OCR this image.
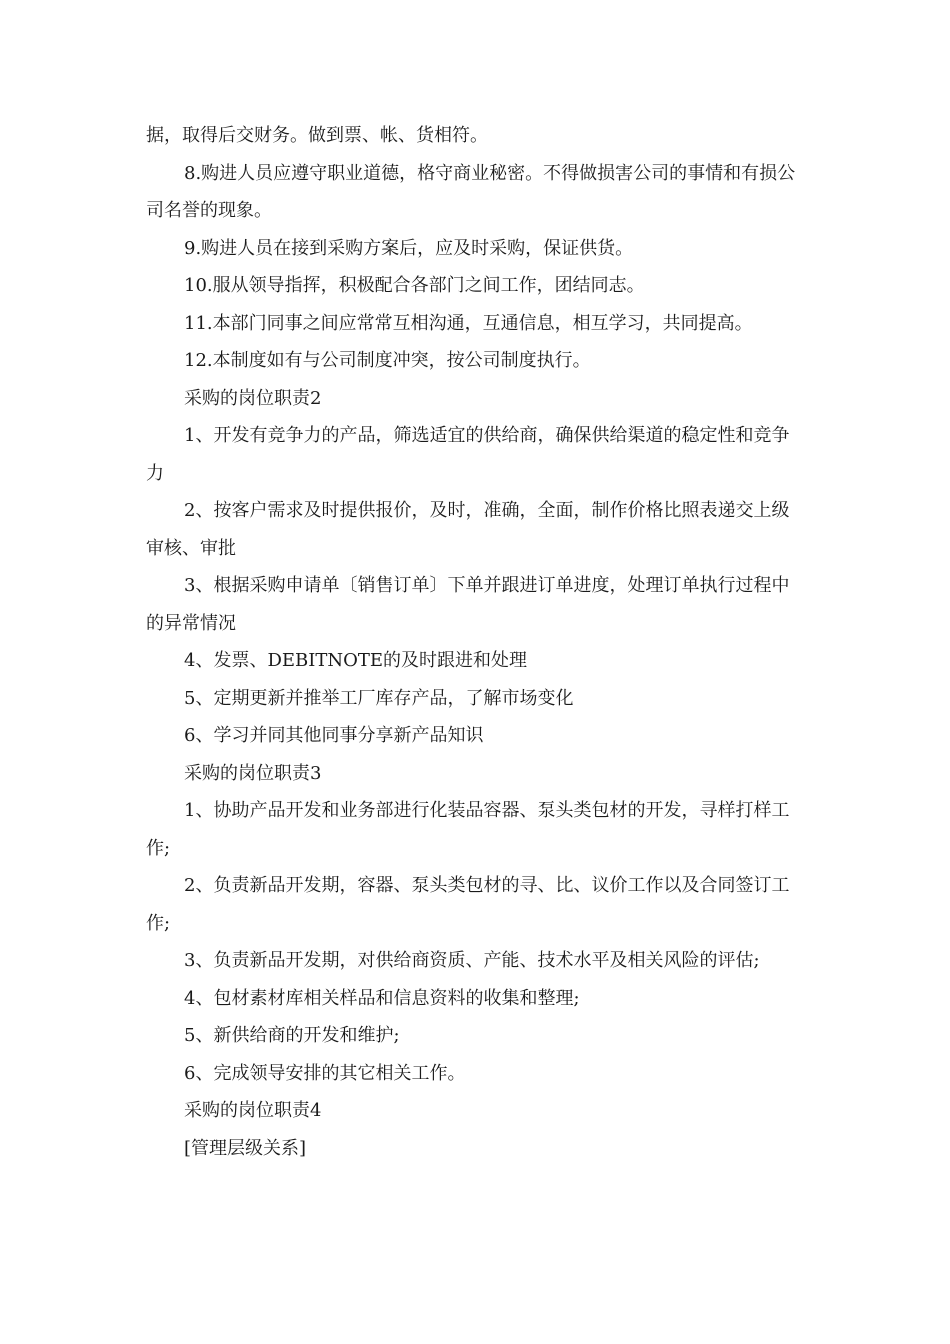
据，取得后交财务。做到票、帐、货相符。

8.购进人员应遵守职业道德，格守商业秘密。不得做损害公司的事情和有损公司名誉的现象。

9.购进人员在接到采购方案后，应及时采购，保证供货。

10.服从领导指挥，积极配合各部门之间工作，团结同志。

11.本部门同事之间应常常互相沟通，互通信息，相互学习，共同提高。

12.本制度如有与公司制度冲突，按公司制度执行。

采购的岗位职责2

1、开发有竞争力的产品，筛选适宜的供给商，确保供给渠道的稳定性和竞争力

2、按客户需求及时提供报价，及时，准确，全面，制作价格比照表递交上级审核、审批

3、根据采购申请单〔销售订单〕下单并跟进订单进度，处理订单执行过程中的异常情况

4、发票、DEBITNOTE的及时跟进和处理

5、定期更新并推举工厂库存产品，了解市场变化

6、学习并同其他同事分享新产品知识

采购的岗位职责3

1、协助产品开发和业务部进行化装品容器、泵头类包材的开发，寻样打样工作;

2、负责新品开发期，容器、泵头类包材的寻、比、议价工作以及合同签订工作;

3、负责新品开发期，对供给商资质、产能、技术水平及相关风险的评估;

4、包材素材库相关样品和信息资料的收集和整理;

5、新供给商的开发和维护;

6、完成领导安排的其它相关工作。

采购的岗位职责4

[管理层级关系]
